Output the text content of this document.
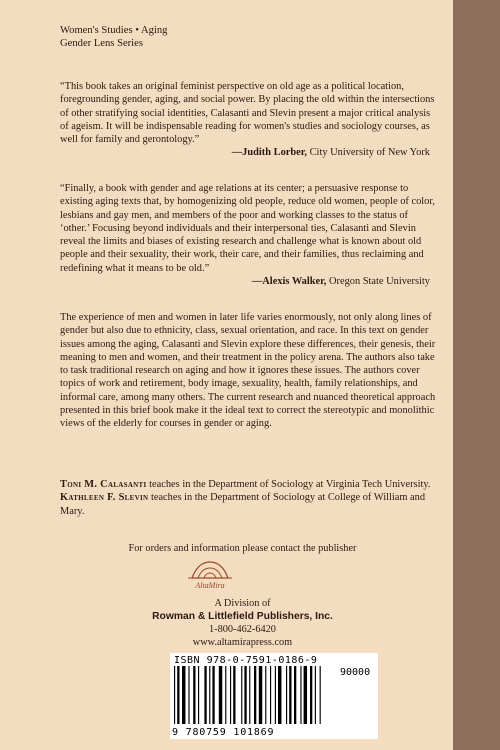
Women's Studies • Aging
Gender Lens Series

“This book takes an original feminist perspective on old age as a political location, foregrounding gender, aging, and social power. By placing the old within the intersections of other stratifying social identities, Calasanti and Slevin present a major critical analysis of ageism. It will be indispensable reading for women's studies and sociology courses, as well for family and gerontology.”

—Judith Lorber, City University of New York

“Finally, a book with gender and age relations at its center; a persuasive response to existing aging texts that, by homogenizing old people, reduce old women, people of color, lesbians and gay men, and members of the poor and working classes to the status of ‘other.’ Focusing beyond individuals and their interpersonal ties, Calasanti and Slevin reveal the limits and biases of existing research and challenge what is known about old people and their sexuality, their work, their care, and their families, thus reclaiming and redefining what it means to be old.”

—Alexis Walker, Oregon State University

The experience of men and women in later life varies enormously, not only along lines of gender but also due to ethnicity, class, sexual orientation, and race. In this text on gender issues among the aging, Calasanti and Slevin explore these differences, their genesis, their meaning to men and women, and their treatment in the policy arena. The authors also take to task traditional research on aging and how it ignores these issues. The authors cover topics of work and retirement, body image, sexuality, health, family relationships, and informal care, among many others. The current research and nuanced theoretical approach presented in this brief book make it the ideal text to correct the stereotypic and monolithic views of the elderly for courses in gender or aging.

Toni M. Calasanti teaches in the Department of Sociology at Virginia Tech University. Kathleen F. Slevin teaches in the Department of Sociology at College of William and Mary.

For orders and information please contact the publisher
AltaMira
A Division of
Rowman & Littlefield Publishers, Inc.
1-800-462-6420
www.altamirapress.com
ISBN 978-0-7591-0186-9
90000
9 780759 101869
